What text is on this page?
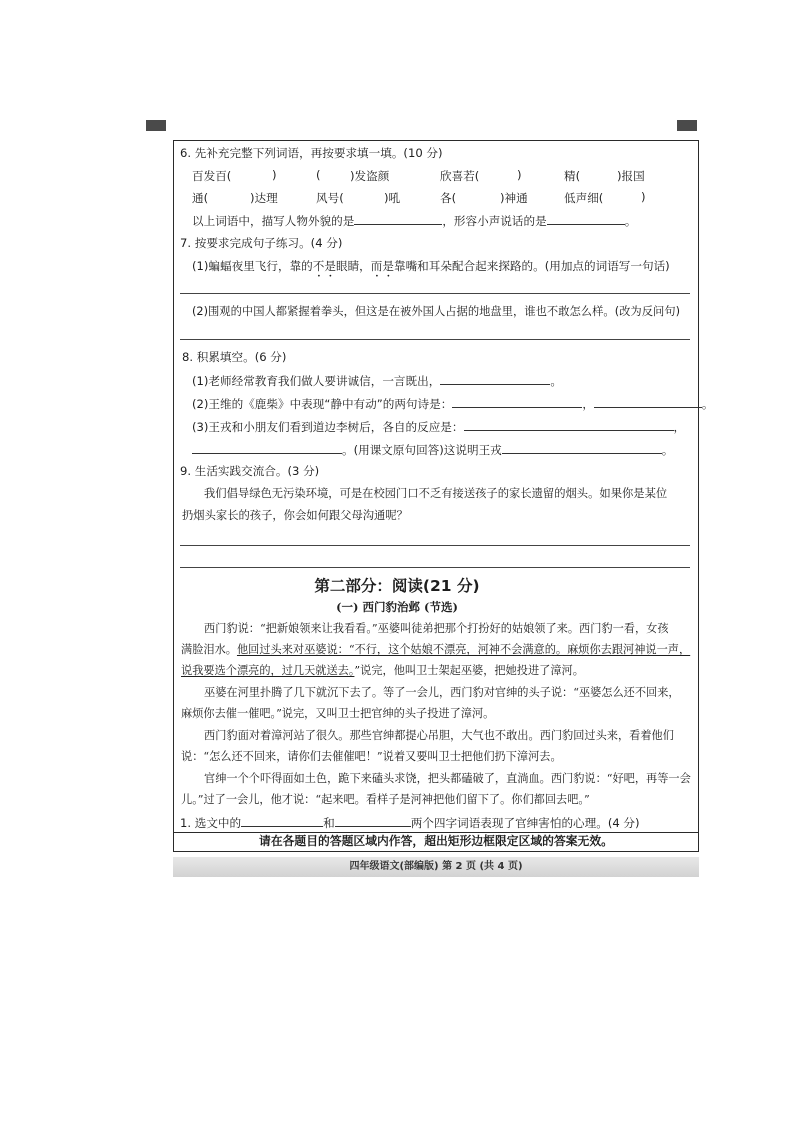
6. 先补充完整下列词语，再按要求填一填。(10 分)
百发百(	)	(	)发盗颜	欣喜若(	)	精(	)报国
通(	)达理	风号(	)吼	各(	)神通	低声细(	)
以上词语中，描写人物外貌的是	，形容小声说话的是	。
7. 按要求完成句子练习。(4 分)
(1)蝙蝠夜里飞行，靠的不是眼睛，而是靠嘴和耳朵配合起来探路的。(用加点的词语写一句话)
(2)围观的中国人都紧握着拳头，但这是在被外国人占据的地盘里，谁也不敢怎么样。(改为反问句)
8. 积累填空。(6 分)
(1)老师经常教育我们做人要讲诚信，一言既出，	。
(2)王维的《鹿柴》中表现“静中有动”的两句诗是：	，	。
(3)王戎和小朋友们看到道边李树后，各自的反应是：	，
。(用课文原句回答)这说明王戎	。
9. 生活实践交流合。(3 分)
我们倡导绿色无污染环境，可是在校园门口不乏有接送孩子的家长遗留的烟头。如果你是某位
扔烟头家长的孩子，你会如何跟父母沟通呢？
第二部分：阅读(21 分)
(一) 西门豹治邺 (节选)
西门豹说：“把新娘领来让我看看。”巫婆叫徒弟把那个打扮好的姑娘领了来。西门豹一看，女孩
满脸泪水。他回过头来对巫婆说：“不行，这个姑娘不漂亮，河神不会满意的。麻烦你去跟河神说一声，
说我要选个漂亮的，过几天就送去。”说完，他叫卫士架起巫婆，把她投进了漳河。
巫婆在河里扑腾了几下就沉下去了。等了一会儿，西门豹对官绅的头子说：“巫婆怎么还不回来，
麻烦你去催一催吧。”说完，又叫卫士把官绅的头子投进了漳河。
西门豹面对着漳河站了很久。那些官绅都提心吊胆，大气也不敢出。西门豹回过头来，看着他们
说：“怎么还不回来，请你们去催催吧！”说着又要叫卫士把他们扔下漳河去。
官绅一个个吓得面如土色，跪下来磕头求饶，把头都磕破了，直淌血。西门豹说：“好吧，再等一会
儿。”过了一会儿，他才说：“起来吧。看样子是河神把他们留下了。你们都回去吧。”
1. 选文中的	和	两个四字词语表现了官绅害怕的心理。(4 分)
请在各题目的答题区域内作答，超出矩形边框限定区域的答案无效。
四年级语文(部编版) 第 2 页 (共 4 页)
